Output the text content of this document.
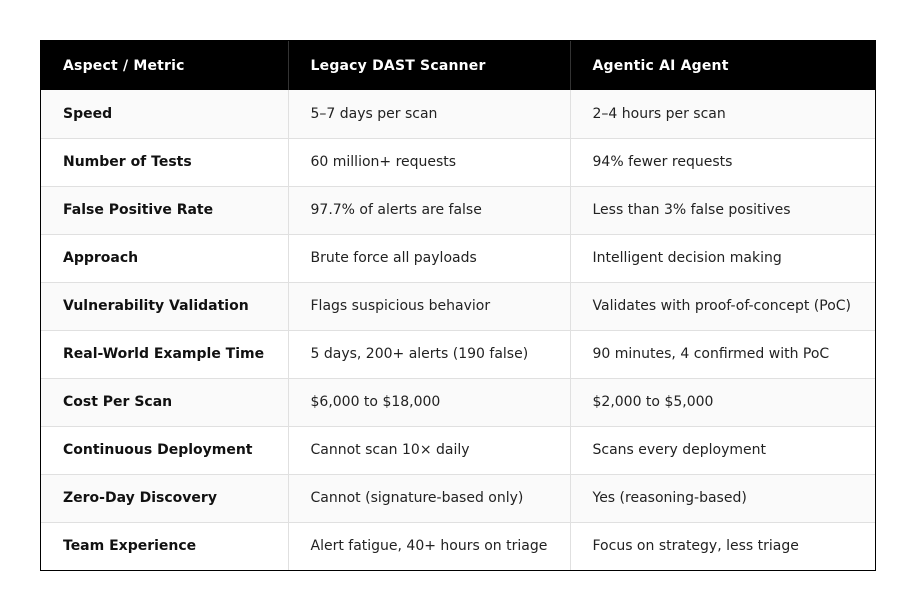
Aspect / Metric	Legacy DAST Scanner	Agentic AI Agent
Speed	5–7 days per scan	2–4 hours per scan
Number of Tests	60 million+ requests	94% fewer requests
False Positive Rate	97.7% of alerts are false	Less than 3% false positives
Approach	Brute force all payloads	Intelligent decision making
Vulnerability Validation	Flags suspicious behavior	Validates with proof-of-concept (PoC)
Real-World Example Time	5 days, 200+ alerts (190 false)	90 minutes, 4 confirmed with PoC
Cost Per Scan	$6,000 to $18,000	$2,000 to $5,000
Continuous Deployment	Cannot scan 10× daily	Scans every deployment
Zero-Day Discovery	Cannot (signature-based only)	Yes (reasoning-based)
Team Experience	Alert fatigue, 40+ hours on triage	Focus on strategy, less triage
